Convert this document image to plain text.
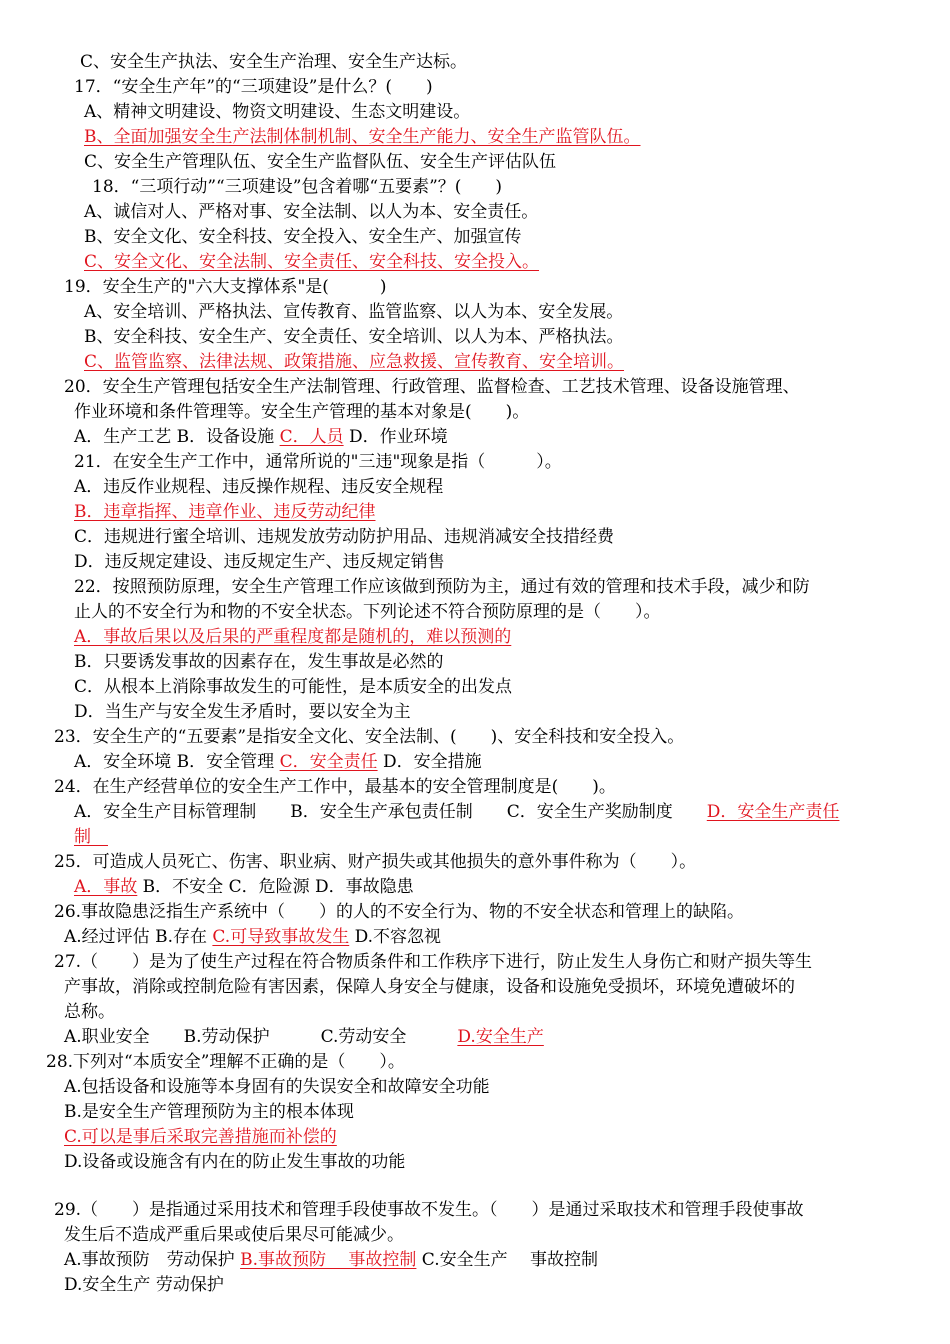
C、安全生产执法、安全生产治理、安全生产达标。
17．“安全生产年”的“三项建设”是什么？(　　)
A、精神文明建设、物资文明建设、生态文明建设。
B、全面加强安全生产法制体制机制、安全生产能力、安全生产监管队伍。
C、安全生产管理队伍、安全生产监督队伍、安全生产评估队伍
18．“三项行动”“三项建设”包含着哪“五要素”？(　　)
A、诚信对人、严格对事、安全法制、以人为本、安全责任。
B、安全文化、安全科技、安全投入、安全生产、加强宣传
C、安全文化、安全法制、安全责任、安全科技、安全投入。
19．安全生产的"六大支撑体系"是(　　　)
A、安全培训、严格执法、宣传教育、监管监察、以人为本、安全发展。
B、安全科技、安全生产、安全责任、安全培训、以人为本、严格执法。
C、监管监察、法律法规、政策措施、应急救援、宣传教育、安全培训。
20．安全生产管理包括安全生产法制管理、行政管理、监督检查、工艺技术管理、设备设施管理、
作业环境和条件管理等。安全生产管理的基本对象是(　　)。
A．生产工艺 B．设备设施 C．人员 D．作业环境
21．在安全生产工作中，通常所说的"三违"现象是指（　　　）。
A．违反作业规程、违反操作规程、违反安全规程
B．违章指挥、违章作业、违反劳动纪律
C．违规进行蜜全培训、违规发放劳动防护用品、违规消减安全技措经费
D．违反规定建设、违反规定生产、违反规定销售
22．按照预防原理，安全生产管理工作应该做到预防为主，通过有效的管理和技术手段，减少和防
止人的不安全行为和物的不安全状态。下列论述不符合预防原理的是（　　）。
A．事故后果以及后果的严重程度都是随机的，难以预测的
B．只要诱发事故的因素存在，发生事故是必然的
C．从根本上消除事故发生的可能性，是本质安全的出发点
D．当生产与安全发生矛盾时，要以安全为主
23．安全生产的“五要素”是指安全文化、安全法制、(　　)、安全科技和安全投入。
A．安全环境 B．安全管理 C．安全责任 D．安全措施
24．在生产经营单位的安全生产工作中，最基本的安全管理制度是(　　)。
A．安全生产目标管理制　　B．安全生产承包责任制　　C．安全生产奖励制度　　D．安全生产责任
制　
25．可造成人员死亡、伤害、职业病、财产损失或其他损失的意外事件称为（　　）。
A．事故 B．不安全 C．危险源 D．事故隐患
26.事故隐患泛指生产系统中（　　）的人的不安全行为、物的不安全状态和管理上的缺陷。
A.经过评估 B.存在 C.可导致事故发生 D.不容忽视
27.（　　）是为了使生产过程在符合物质条件和工作秩序下进行，防止发生人身伤亡和财产损失等生
产事故，消除或控制危险有害因素，保障人身安全与健康，设备和设施免受损坏，环境免遭破坏的
总称。
A.职业安全　　B.劳动保护　　　C.劳动安全　　　D.安全生产
28.下列对“本质安全”理解不正确的是（　　）。
A.包括设备和设施等本身固有的失误安全和故障安全功能
B.是安全生产管理预防为主的根本体现
C.可以是事后采取完善措施而补偿的
D.设备或设施含有内在的防止发生事故的功能
29.（　　）是指通过采用技术和管理手段使事故不发生。（　　）是通过采取技术和管理手段使事故
发生后不造成严重后果或使后果尽可能减少。
A.事故预防　劳动保护 B.事故预防　 事故控制 C.安全生产　 事故控制
D.安全生产 劳动保护
